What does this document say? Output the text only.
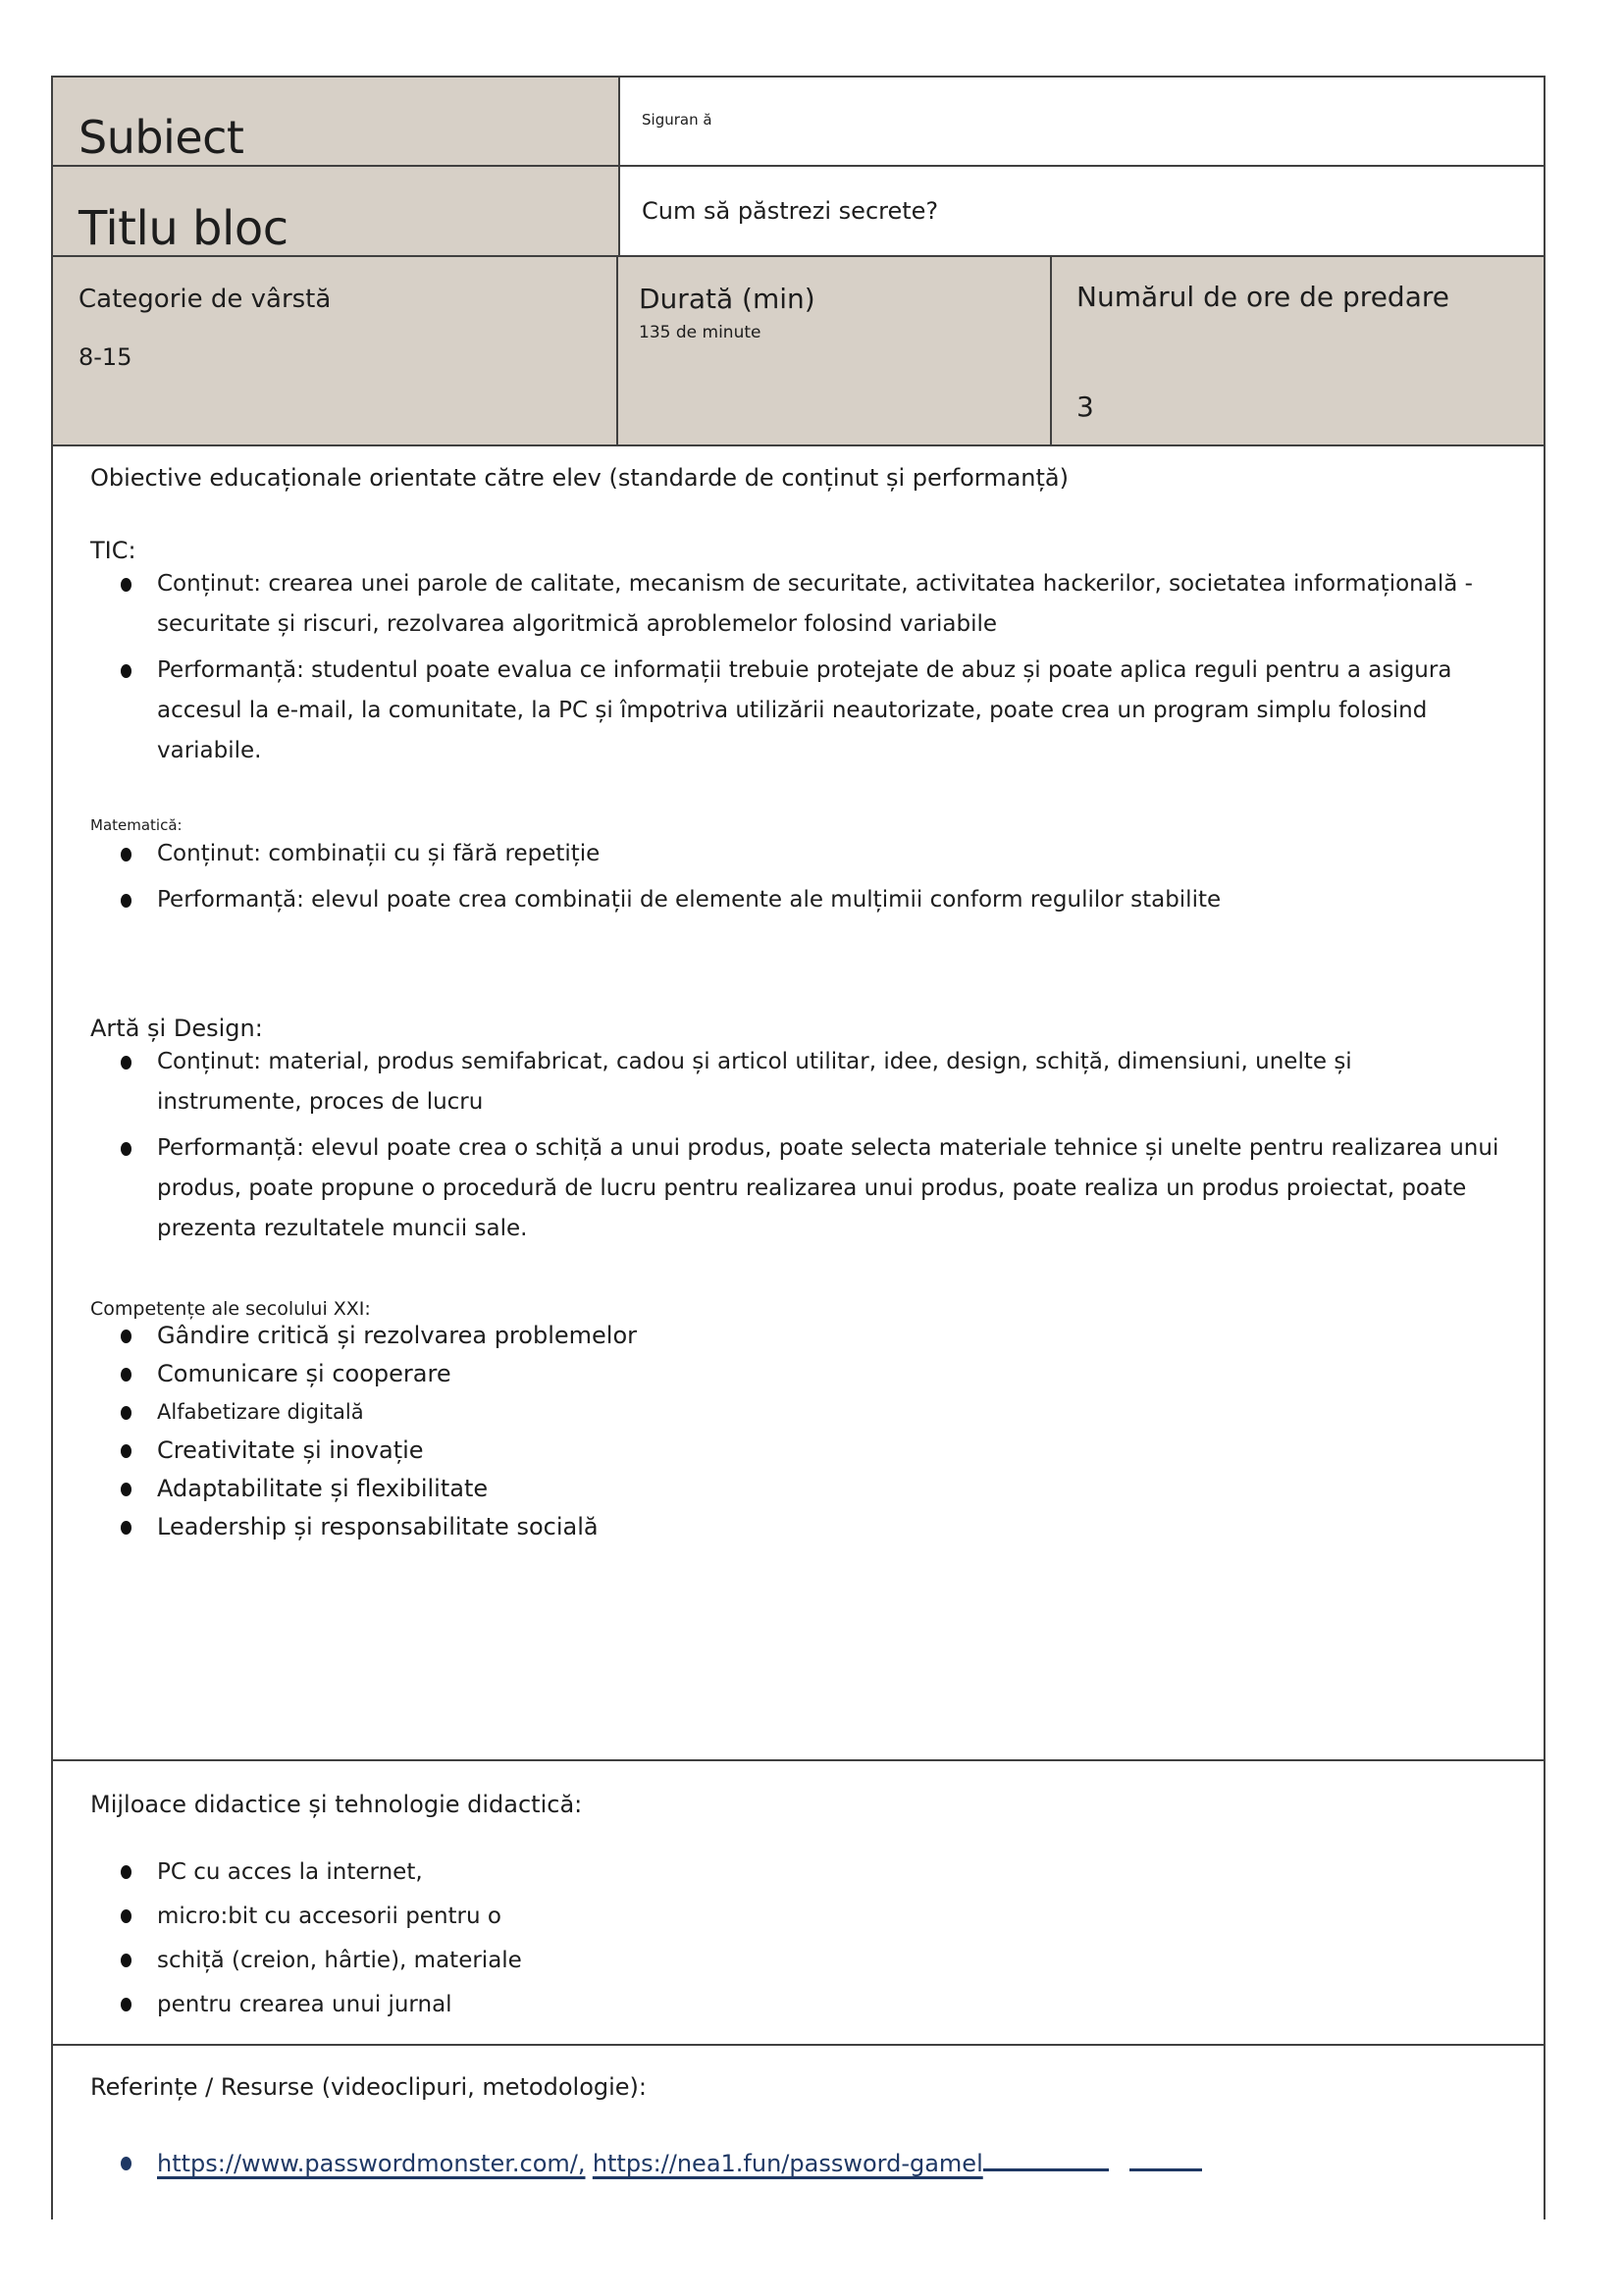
Subiect	Siguran ă
Titlu bloc	Cum să păstrezi secrete?
Categorie de vârstă
8-15
Durată (min)
135 de minute
Numărul de ore de predare
3
Obiective educaționale orientate către elev (standarde de conținut și performanță)
TIC:
Conținut: crearea unei parole de calitate, mecanism de securitate, activitatea hackerilor, societatea informațională - securitate și riscuri, rezolvarea algoritmică aproblemelor folosind variabile
Performanță: studentul poate evalua ce informații trebuie protejate de abuz și poate aplica reguli pentru a asigura accesul la e-mail, la comunitate, la PC și împotriva utilizării neautorizate, poate crea un program simplu folosind variabile.
Matematică:
Conținut: combinații cu și fără repetiție
Performanță: elevul poate crea combinații de elemente ale mulțimii conform regulilor stabilite
Artă și Design:
Conținut: material, produs semifabricat, cadou și articol utilitar, idee, design, schiță, dimensiuni, unelte și instrumente, proces de lucru
Performanță: elevul poate crea o schiță a unui produs, poate selecta materiale tehnice și unelte pentru realizarea unui produs, poate propune o procedură de lucru pentru realizarea unui produs, poate realiza un produs proiectat, poate prezenta rezultatele muncii sale.
Competențe ale secolului XXI:
Gândire critică și rezolvarea problemelor
Comunicare și cooperare
Alfabetizare digitală
Creativitate și inovație
Adaptabilitate și flexibilitate
Leadership și responsabilitate socială
Mijloace didactice și tehnologie didactică:
PC cu acces la internet,
micro:bit cu accesorii pentru o
schiță (creion, hârtie), materiale
pentru crearea unui jurnal
Referințe / Resurse (videoclipuri, metodologie):
https://www.passwordmonster.com/, https://nea1.fun/password-gamel
